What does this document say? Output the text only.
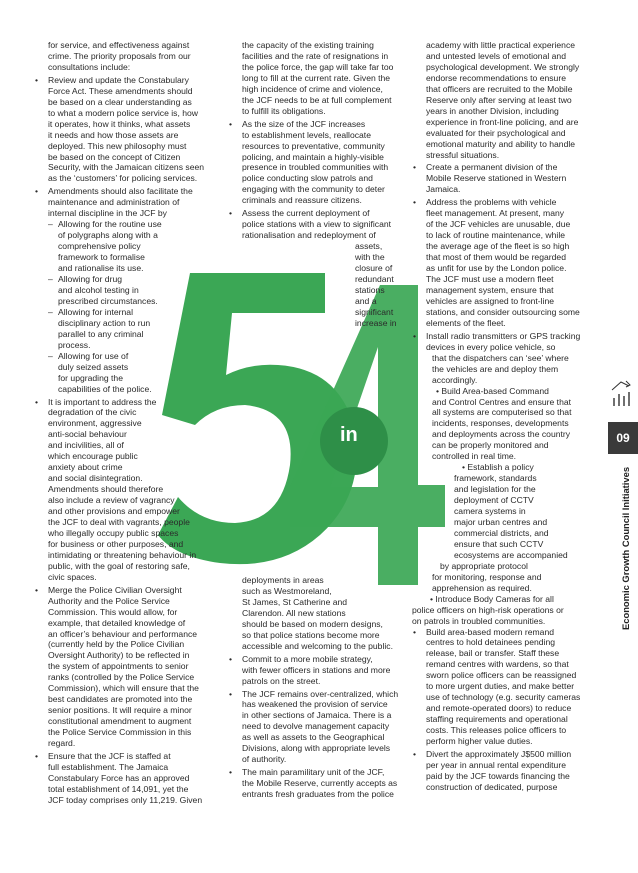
in

for service, and effectiveness against
crime. The priority proposals from our
consultations include:

• Review and update the Constabulary
Force Act. These amendments should
be based on a clear understanding as
to what a modern police service is, how
it operates, how it thinks, what assets
it needs and how those assets are
deployed. This new philosophy must
be based on the concept of Citizen
Security, with the Jamaican citizens seen
as the ‘customers’ for policing services.

• Amendments should also facilitate the
maintenance and administration of
internal discipline in the JCF by

– Allowing for the routine use
of polygraphs along with a
comprehensive policy
framework to formalise
and rationalise its use.

– Allowing for drug
and alcohol testing in
prescribed circumstances.

– Allowing for internal
disciplinary action to run
parallel to any criminal
process.

– Allowing for use of
duly seized assets
for upgrading the
capabilities of the police.

• It is important to address the
degradation of the civic
environment, aggressive
anti-social behaviour
and incivilities, all of
which encourage public
anxiety about crime
and social disintegration.
Amendments should therefore
also include a review of vagrancy
and other provisions and empower
the JCF to deal with vagrants, people
who illegally occupy public spaces
for business or other purposes, and
intimidating or threatening behaviour in
public, with the goal of restoring safe,
civic spaces.

• Merge the Police Civilian Oversight
Authority and the Police Service
Commission. This would allow, for
example, that detailed knowledge of
an officer’s behaviour and performance
(currently held by the Police Civilian
Oversight Authority) to be reflected in
the system of appointments to senior
ranks (controlled by the Police Service
Commission), which will ensure that the
best candidates are promoted into the
senior positions. It will require a minor
constitutional amendment to augment
the Police Service Commission in this
regard.

• Ensure that the JCF is staffed at
full establishment. The Jamaica
Constabulary Force has an approved
total establishment of 14,091, yet the
JCF today comprises only 11,219. Given

the capacity of the existing training
facilities and the rate of resignations in
the police force, the gap will take far too
long to fill at the current rate. Given the
high incidence of crime and violence,
the JCF needs to be at full complement
to fulfill its obligations.

• As the size of the JCF increases
to establishment levels, reallocate
resources to preventative, community
policing, and maintain a highly-visible
presence in troubled communities with
police conducting slow patrols and
engaging with the community to deter
criminals and reassure citizens.

• Assess the current deployment of
police stations with a view to significant
rationalisation and redeployment of

assets,
with the
closure of
redundant
stations
and a
significant
increase in

deployments in areas
such as Westmoreland,
St James, St Catherine and
Clarendon. All new stations
should be based on modern designs,
so that police stations become more
accessible and welcoming to the public.

• Commit to a more mobile strategy,
with fewer officers in stations and more
patrols on the street.

• The JCF remains over-centralized, which
has weakened the provision of service
in other sections of Jamaica. There is a
need to devolve management capacity
as well as assets to the Geographical
Divisions, along with appropriate levels
of authority.

• The main paramilitary unit of the JCF,
the Mobile Reserve, currently accepts as
entrants fresh graduates from the police

academy with little practical experience
and untested levels of emotional and
psychological development. We strongly
endorse recommendations to ensure
that officers are recruited to the Mobile
Reserve only after serving at least two
years in another Division, including
experience in front-line policing, and are
evaluated for their psychological and
emotional maturity and ability to handle
stressful situations.

• Create a permanent division of the
Mobile Reserve stationed in Western
Jamaica.

• Address the problems with vehicle
fleet management. At present, many
of the JCF vehicles are unusable, due
to lack of routine maintenance, while
the average age of the fleet is so high
that most of them would be regarded
as unfit for use by the London police.
The JCF must use a modern fleet
management system, ensure that
vehicles are assigned to front-line
stations, and consider outsourcing some
elements of the fleet.

• Install radio transmitters or GPS tracking
devices in every police vehicle, so
that the dispatchers can ‘see’ where
the vehicles are and deploy them
accordingly.

• Build Area-based Command
and Control Centres and ensure that
all systems are computerised so that
incidents, responses, developments
and deployments across the country
can be properly monitored and
controlled in real time.

• Establish a policy
framework, standards
and legislation for the
deployment of CCTV
camera systems in
major urban centres and
commercial districts, and
ensure that such CCTV
ecosystems are accompanied
by appropriate protocol
for monitoring, response and
apprehension as required.

• Introduce Body Cameras for all
police officers on high-risk operations or
on patrols in troubled communities.

• Build area-based modern remand
centres to hold detainees pending
release, bail or transfer. Staff these
remand centres with wardens, so that
sworn police officers can be reassigned
to more urgent duties, and make better
use of technology (e.g. security cameras
and remote-operated doors) to reduce
staffing requirements and operational
costs. This releases police officers to
perform higher value duties.

• Divert the approximately J$500 million
per year in annual rental expenditure
paid by the JCF towards financing the
construction of dedicated, purpose

09
Economic Growth Council Initiatives
